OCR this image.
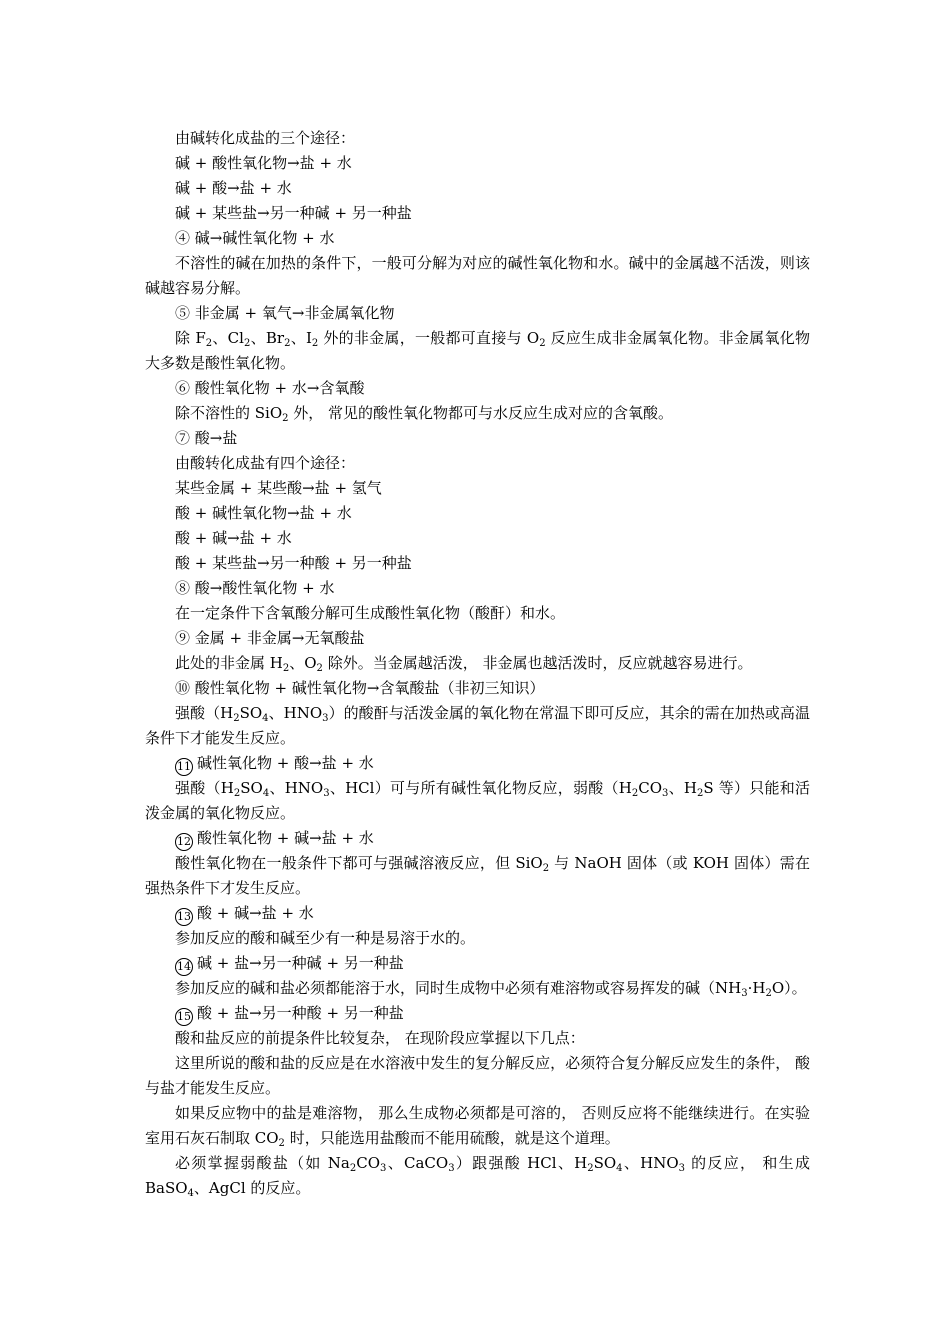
由碱转化成盐的三个途径：

碱 + 酸性氧化物→盐 + 水

碱 + 酸→盐 + 水

碱 + 某些盐→另一种碱 + 另一种盐

④ 碱→碱性氧化物 + 水

不溶性的碱在加热的条件下，一般可分解为对应的碱性氧化物和水。碱中的金属越不活泼，则该碱越容易分解。

⑤ 非金属 + 氧气→非金属氧化物

除 $F_2$、$Cl_2$、$Br_2$、$I_2$ 外的非金属，一般都可直接与 $O_2$ 反应生成非金属氧化物。非金属氧化物大多数是酸性氧化物。

⑥ 酸性氧化物 + 水→含氧酸

除不溶性的 SiO$_2$ 外， 常见的酸性氧化物都可与水反应生成对应的含氧酸。

⑦ 酸→盐

由酸转化成盐有四个途径：

某些金属 + 某些酸→盐 + 氢气

酸 + 碱性氧化物→盐 + 水

酸 + 碱→盐 + 水

酸 + 某些盐→另一种酸 + 另一种盐

⑧ 酸→酸性氧化物 + 水

在一定条件下含氧酸分解可生成酸性氧化物（酸酐）和水。

⑨ 金属 + 非金属→无氧酸盐

此处的非金属 $H_2$、$O_2$ 除外。当金属越活泼， 非金属也越活泼时，反应就越容易进行。

⑩ 酸性氧化物 + 碱性氧化物→含氧酸盐（非初三知识）

强酸（$H_2SO_4$、$HNO_3$）的酸酐与活泼金属的氧化物在常温下即可反应，其余的需在加热或高温条件下才能发生反应。

11 碱性氧化物 + 酸→盐 + 水

强酸（$H_2SO_4$、$HNO_3$、HCl）可与所有碱性氧化物反应，弱酸（$H_2CO_3$、$H_2S$ 等）只能和活泼金属的氧化物反应。

12 酸性氧化物 + 碱→盐 + 水

酸性氧化物在一般条件下都可与强碱溶液反应，但 SiO$_2$ 与 NaOH 固体（或 KOH 固体）需在强热条件下才发生反应。

13 酸 + 碱→盐 + 水

参加反应的酸和碱至少有一种是易溶于水的。

14 碱 + 盐→另一种碱 + 另一种盐

参加反应的碱和盐必须都能溶于水，同时生成物中必须有难溶物或容易挥发的碱$(NH_3\cdot H_2O)$。

15 酸 + 盐→另一种酸 + 另一种盐

酸和盐反应的前提条件比较复杂， 在现阶段应掌握以下几点：

这里所说的酸和盐的反应是在水溶液中发生的复分解反应，必须符合复分解反应发生的条件， 酸与盐才能发生反应。

如果反应物中的盐是难溶物， 那么生成物必须都是可溶的， 否则反应将不能继续进行。在实验室用石灰石制取 $CO_2$ 时，只能选用盐酸而不能用硫酸，就是这个道理。

必须掌握弱酸盐（如 $Na_2CO_3$、CaCO$_3$）跟强酸 HCl、$H_2SO_4$、$HNO_3$ 的反应， 和生成 BaSO$_4$、AgCl 的反应。
